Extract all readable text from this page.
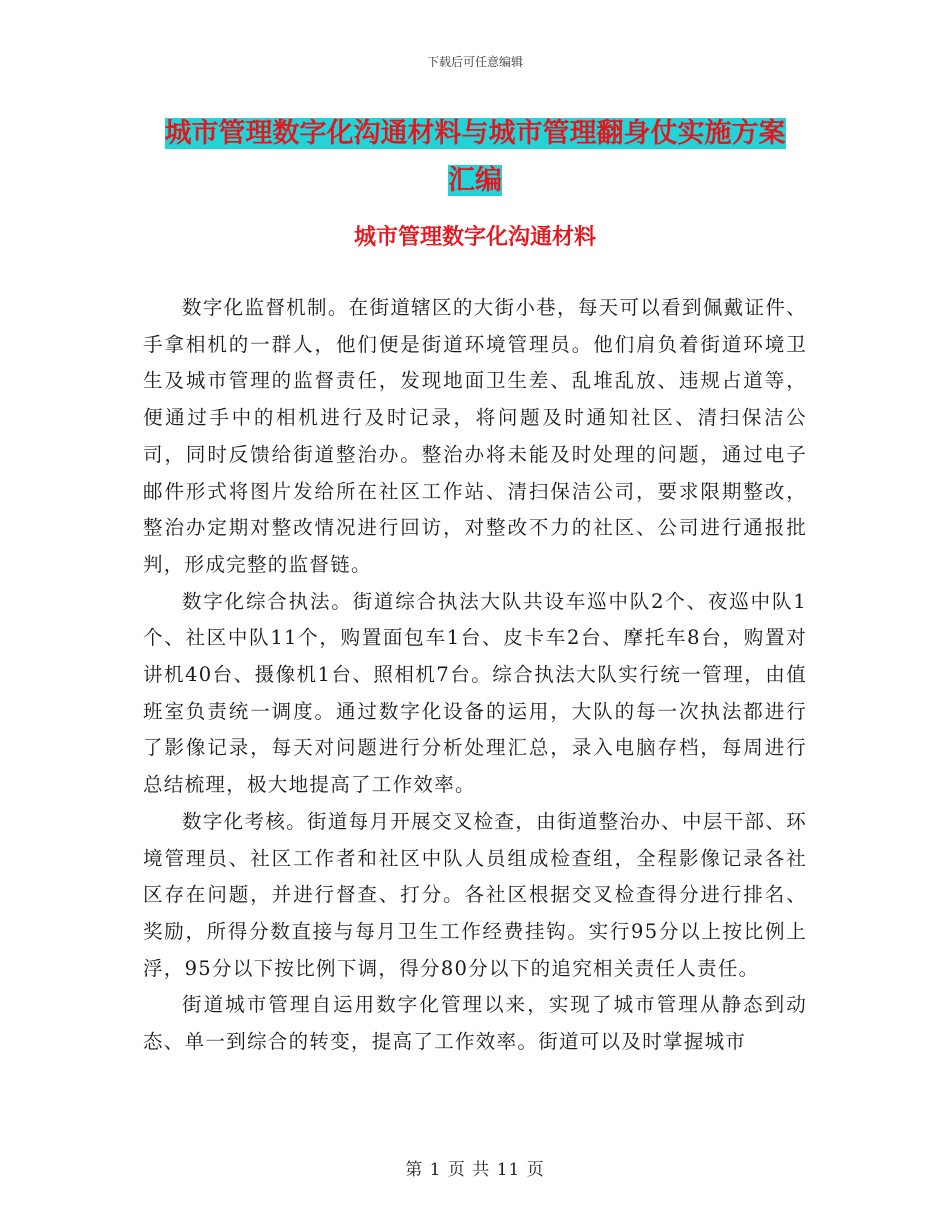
下载后可任意编辑
城市管理数字化沟通材料与城市管理翻身仗实施方案
汇编
城市管理数字化沟通材料

数字化监督机制。在街道辖区的大街小巷，每天可以看到佩戴证件、手拿相机的一群人，他们便是街道环境管理员。他们肩负着街道环境卫生及城市管理的监督责任，发现地面卫生差、乱堆乱放、违规占道等，便通过手中的相机进行及时记录，将问题及时通知社区、清扫保洁公司，同时反馈给街道整治办。整治办将未能及时处理的问题，通过电子邮件形式将图片发给所在社区工作站、清扫保洁公司，要求限期整改，整治办定期对整改情况进行回访，对整改不力的社区、公司进行通报批判，形成完整的监督链。

数字化综合执法。街道综合执法大队共设车巡中队2个、夜巡中队1个、社区中队11个，购置面包车1台、皮卡车2台、摩托车8台，购置对讲机40台、摄像机1台、照相机7台。综合执法大队实行统一管理，由值班室负责统一调度。通过数字化设备的运用，大队的每一次执法都进行了影像记录，每天对问题进行分析处理汇总，录入电脑存档，每周进行总结梳理，极大地提高了工作效率。

数字化考核。街道每月开展交叉检查，由街道整治办、中层干部、环境管理员、社区工作者和社区中队人员组成检查组，全程影像记录各社区存在问题，并进行督查、打分。各社区根据交叉检查得分进行排名、奖励，所得分数直接与每月卫生工作经费挂钩。实行95分以上按比例上浮，95分以下按比例下调，得分80分以下的追究相关责任人责任。

街道城市管理自运用数字化管理以来，实现了城市管理从静态到动态、单一到综合的转变，提高了工作效率。街道可以及时掌握城市

第 1 页 共 11 页
